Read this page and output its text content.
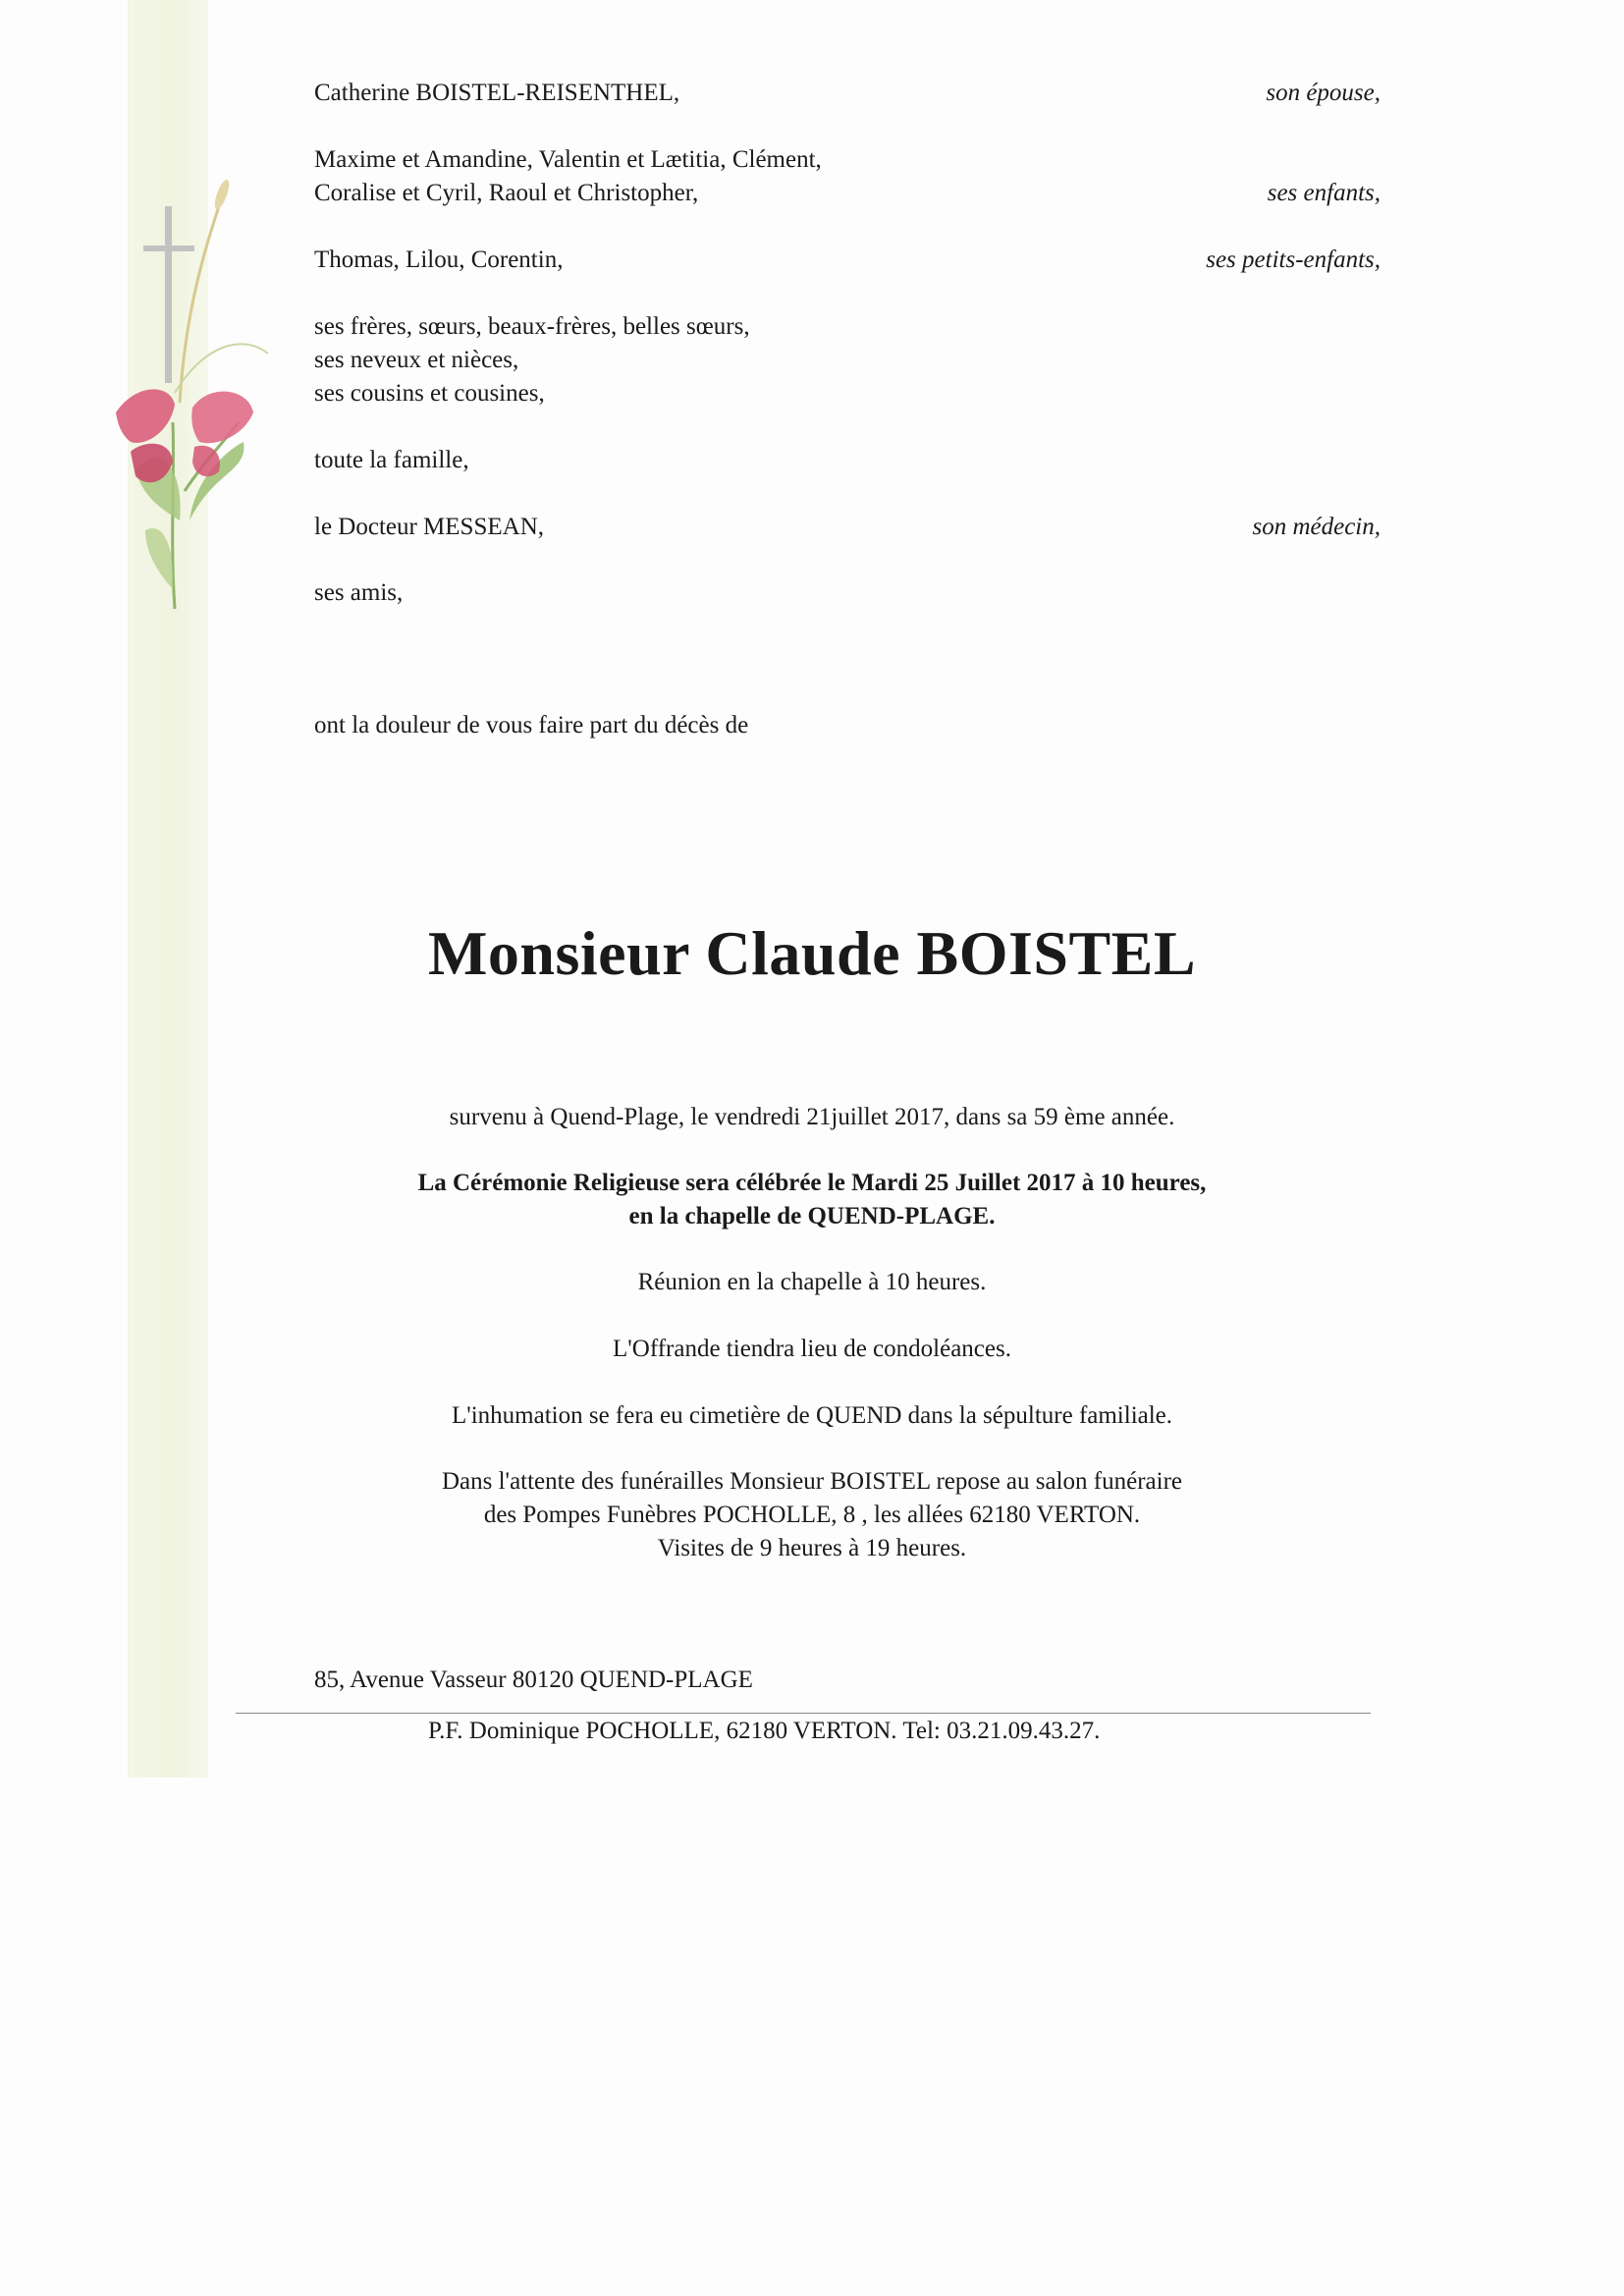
Catherine BOISTEL-REISENTHEL,	son épouse,
Maxime et Amandine, Valentin et Lætitia, Clément,
Coralise et Cyril, Raoul et Christopher,	ses enfants,
Thomas, Lilou, Corentin,	ses petits-enfants,
ses frères, sœurs, beaux-frères, belles sœurs,
ses neveux et nièces,
ses cousins et cousines,
toute la famille,
le Docteur MESSEAN,	son médecin,
ses amis,
ont la douleur de vous faire part du décès de
Monsieur Claude BOISTEL
survenu à Quend-Plage, le vendredi 21juillet 2017, dans sa 59 ème année.
La Cérémonie Religieuse sera célébrée le Mardi 25 Juillet 2017 à 10 heures,
en la chapelle de QUEND-PLAGE.
Réunion en la chapelle à 10 heures.
L'Offrande tiendra lieu de condoléances.
L'inhumation se fera eu cimetière de QUEND dans la sépulture familiale.
Dans l'attente des funérailles Monsieur BOISTEL repose au salon funéraire
des Pompes Funèbres POCHOLLE, 8 , les allées 62180 VERTON.
Visites de 9 heures à 19 heures.
85, Avenue Vasseur 80120 QUEND-PLAGE
P.F. Dominique POCHOLLE, 62180 VERTON. Tel: 03.21.09.43.27.
